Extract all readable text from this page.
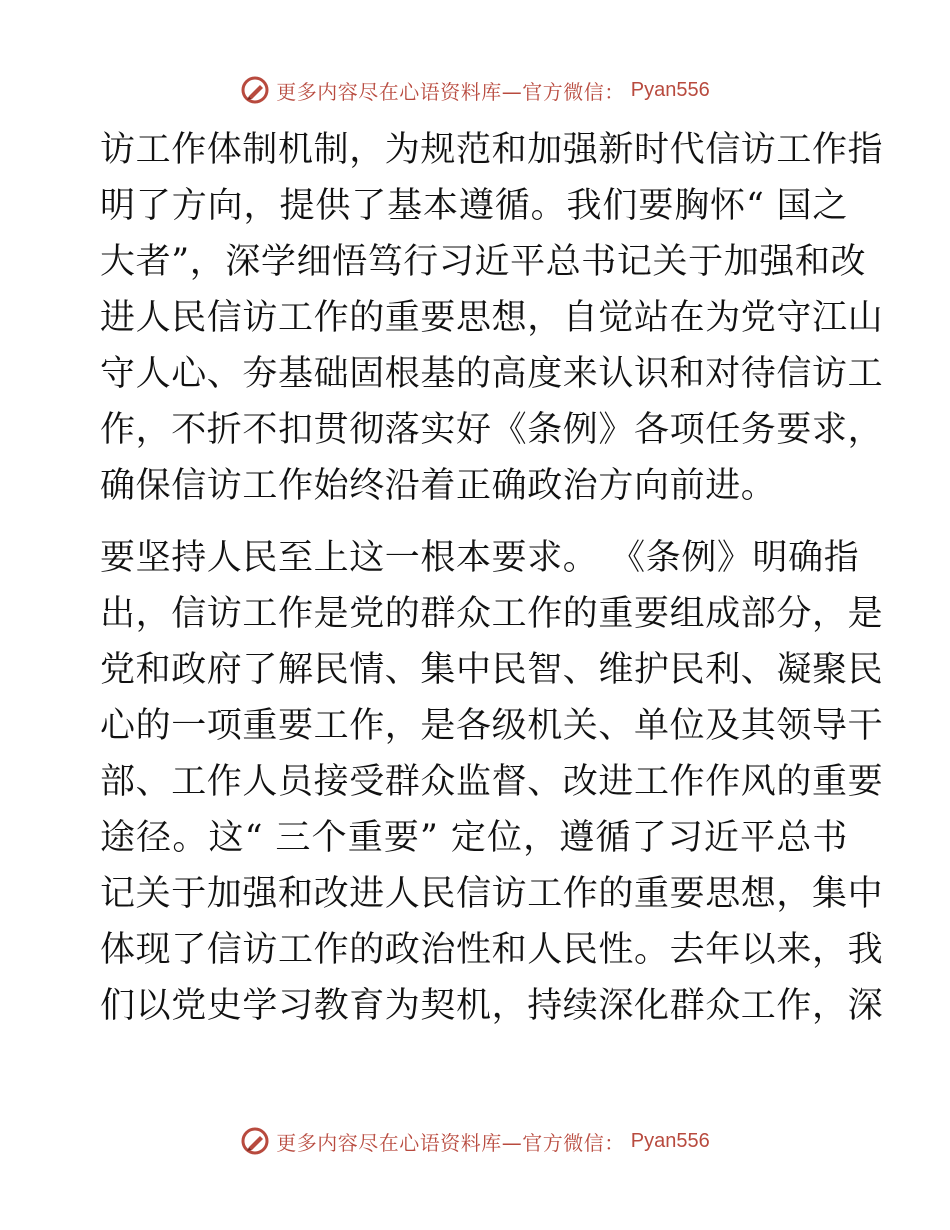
更多内容尽在心语资料库—官方微信： Pyan556
访工作体制机制，为规范和加强新时代信访工作指
明了方向，提供了基本遵循。我们要胸怀“ 国之
大者”，深学细悟笃行习近平总书记关于加强和改
进人民信访工作的重要思想，自觉站在为党守江山
守人心、夯基础固根基的高度来认识和对待信访工
作，不折不扣贯彻落实好《条例》各项任务要求，
确保信访工作始终沿着正确政治方向前进。
要坚持人民至上这一根本要求。 《条例》明确指
出，信访工作是党的群众工作的重要组成部分，是
党和政府了解民情、集中民智、维护民利、凝聚民
心的一项重要工作，是各级机关、单位及其领导干
部、工作人员接受群众监督、改进工作作风的重要
途径。这“ 三个重要” 定位，遵循了习近平总书
记关于加强和改进人民信访工作的重要思想，集中
体现了信访工作的政治性和人民性。去年以来，我
们以党史学习教育为契机，持续深化群众工作，深
更多内容尽在心语资料库—官方微信： Pyan556
